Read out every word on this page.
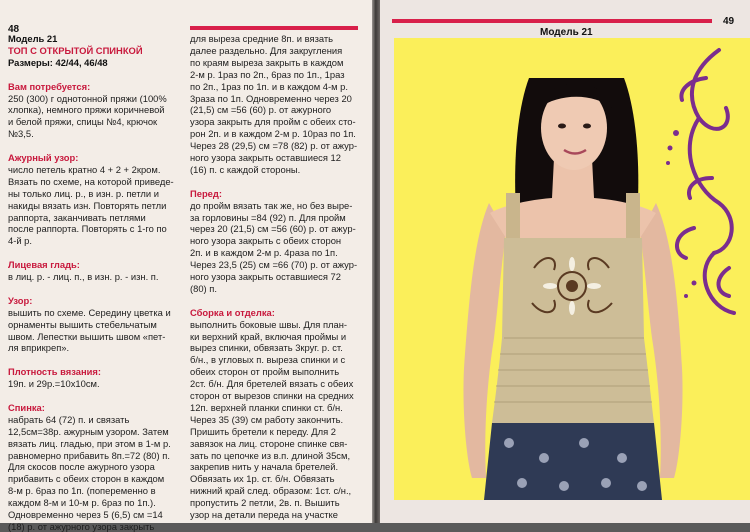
48
Модель 21
ТОП С ОТКРЫТОЙ СПИНКОЙ
Размеры: 42/44, 46/48
Вам потребуется:
250 (300) г однотонной пряжи (100%
хлопка), немного пряжи коричневой
и белой пряжи, спицы №4, крючок
№3,5.
Ажурный узор:
число петель кратно 4 + 2 + 2кром.
Вязать по схеме, на которой приведе-
ны только лиц. р., в изн. р. петли и
накиды вязать изн. Повторять петли
раппорта, заканчивать петлями
после раппорта. Повторять с 1-го по
4-й р.
Лицевая гладь:
в лиц. р. - лиц. п., в изн. р. - изн. п.
Узор:
вышить по схеме. Середину цветка и
орнаменты вышить стебельчатым
швом. Лепестки вышить швом «пет-
ля вприкреп».
Плотность вязания:
19п. и 29р.=10х10см.
Спинка:
набрать 64 (72) п. и связать
12,5см=38р. ажурным узором. Затем
вязать лиц. гладью, при этом в 1-м р.
равномерно прибавить 8п.=72 (80) п.
Для скосов после ажурного узора
прибавить с обеих сторон в каждом
8-м р. 6раз по 1п. (попеременно в
каждом 8-м и 10-м р. 6раз по 1п.).
Одновременно через 5 (6,5) см =14
(18) р. от ажурного узора закрыть
для выреза средние 8п. и вязать
далее раздельно. Для закругления
по краям выреза закрыть в каждом
2-м р. 1раз по 2п., 6раз по 1п., 1раз
по 2п., 1раз по 1п. и в каждом 4-м р.
3раза по 1п. Одновременно через 20
(21,5) см =56 (60) р. от ажурного
узора закрыть для пройм с обеих сто-
рон 2п. и в каждом 2-м р. 10раз по 1п.
Через 28 (29,5) см =78 (82) р. от ажур-
ного узора закрыть оставшиеся 12
(16) п. с каждой стороны.
Перед:
до пройм вязать так же, но без выре-
за горловины =84 (92) п. Для пройм
через 20 (21,5) см =56 (60) р. от ажур-
ного узора закрыть с обеих сторон
2п. и в каждом 2-м р. 4раза по 1п.
Через 23,5 (25) см =66 (70) р. от ажур-
ного узора закрыть оставшиеся 72
(80) п.
Сборка и отделка:
выполнить боковые швы. Для план-
ки верхний край, включая проймы и
вырез спинки, обвязать 3круг. р. ст.
б/н., в угловых п. выреза спинки и с
обеих сторон от пройм выполнить
2ст. б/н. Для бретелей вязать с обеих
сторон от вырезов спинки на средних
12п. верхней планки спинки ст. б/н.
Через 35 (39) см работу закончить.
Пришить бретели к переду. Для 2
завязок на лиц. стороне спинке свя-
зать по цепочке из в.п. длиной 35см,
закрепив нить у начала бретелей.
Обвязать их 1р. ст. б/н. Обвязать
нижний край след. образом: 1ст. с/н.,
пропустить 2 петли, 2в. п. Вышить
узор на детали переда на участке
49
Модель 21
